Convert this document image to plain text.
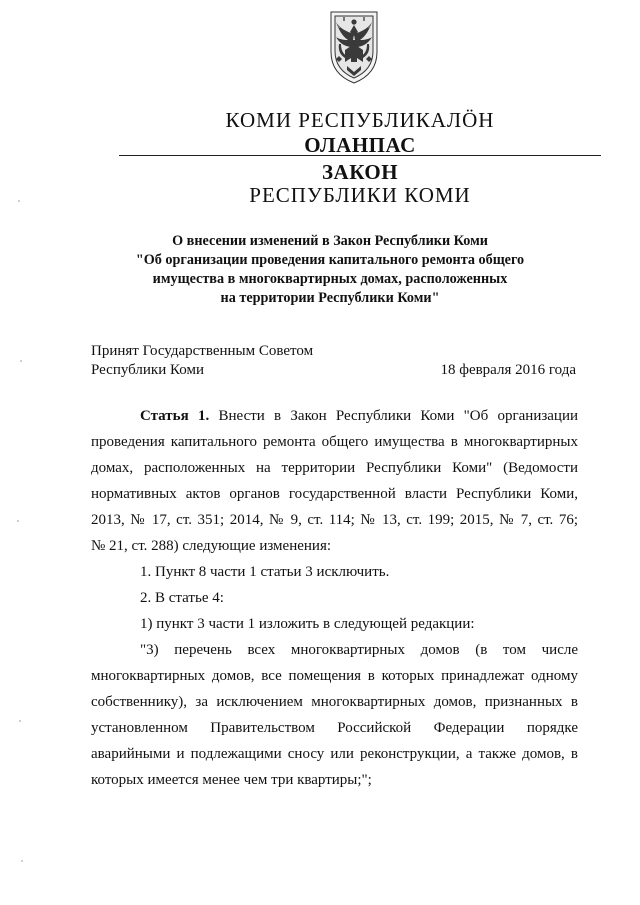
КОМИ РЕСПУБЛИКАЛӦН
ОЛАНПАС
ЗАКОН
РЕСПУБЛИКИ КОМИ
О внесении изменений в Закон Республики Коми
"Об организации проведения капитального ремонта общего
имущества в многоквартирных домах, расположенных
на территории Республики Коми"
Принят Государственным Советом
Республики Коми	18 февраля 2016 года
Статья 1. Внести в Закон Республики Коми "Об организации
проведения капитального ремонта общего имущества в многоквартирных
домах, расположенных на территории Республики Коми" (Ведомости
нормативных актов органов государственной власти Республики Коми,
2013, № 17, ст. 351; 2014, № 9, ст. 114; № 13, ст. 199; 2015, № 7, ст. 76;
№ 21, ст. 288) следующие изменения:
1. Пункт 8 части 1 статьи 3 исключить.
2. В статье 4:
1) пункт 3 части 1 изложить в следующей редакции:
"3) перечень всех многоквартирных домов (в том числе
многоквартирных домов, все помещения в которых принадлежат одному
собственнику), за исключением многоквартирных домов, признанных в
установленном Правительством Российской Федерации порядке
аварийными и подлежащими сносу или реконструкции, а также домов, в
которых имеется менее чем три квартиры;";
